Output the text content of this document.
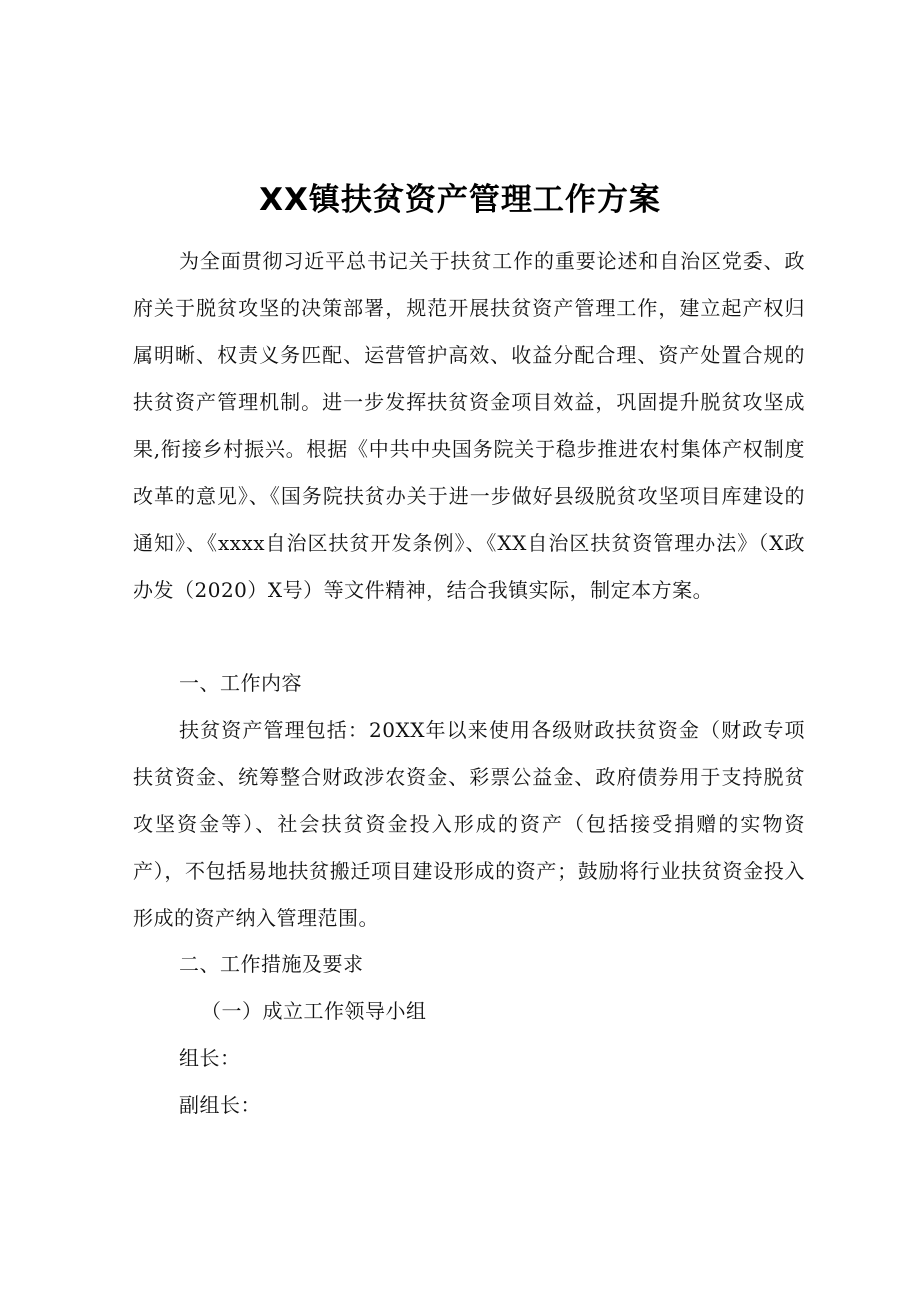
XX镇扶贫资产管理工作方案
为全面贯彻习近平总书记关于扶贫工作的重要论述和自治区党委、政府关于脱贫攻坚的决策部署，规范开展扶贫资产管理工作，建立起产权归属明晰、权责义务匹配、运营管护高效、收益分配合理、资产处置合规的扶贫资产管理机制。进一步发挥扶贫资金项目效益，巩固提升脱贫攻坚成果,衔接乡村振兴。根据《中共中央国务院关于稳步推进农村集体产权制度改革的意见》、《国务院扶贫办关于进一步做好县级脱贫攻坚项目库建设的通知》、《xxxx自治区扶贫开发条例》、《XX自治区扶贫资管理办法》（X政办发（2020）X号）等文件精神，结合我镇实际，制定本方案。
一、工作内容
扶贫资产管理包括：20XX年以来使用各级财政扶贫资金（财政专项扶贫资金、统筹整合财政涉农资金、彩票公益金、政府债券用于支持脱贫攻坚资金等）、社会扶贫资金投入形成的资产（包括接受捐赠的实物资产），不包括易地扶贫搬迁项目建设形成的资产；鼓励将行业扶贫资金投入形成的资产纳入管理范围。
二、工作措施及要求
（一）成立工作领导小组
组长：
副组长：
